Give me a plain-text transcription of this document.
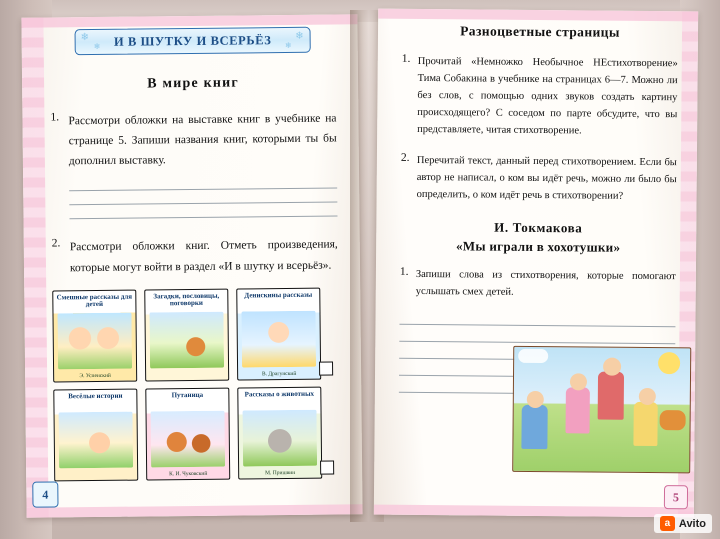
❄
❄ И В ШУТКУ И ВСЕРЬЁЗ ❄
❄
В мире книг
1. Рассмотри обложки на выставке книг в учебнике на странице 5. Запиши названия книг, которыми ты бы дополнил выставку.
2. Рассмотри обложки книг. Отметь произведения, которые могут войти в раздел «И в шутку и всерьёз».
Смешные рассказы для детей
Э. Успенский
Загадки, пословицы, поговорки
Денискины рассказы
В. Драгунский
Весёлые истории	Путаница
К. И. Чуковский
Рассказы о животных
М. Пришвин
4
Разноцветные страницы
1. Прочитай «Немножко Необычное НЕстихотворение» Тима Собакина в учебнике на страницах 6—7. Можно ли без слов, с помощью одних звуков создать картину происходящего? С соседом по парте обсудите, что вы представляете, читая стихотворение.
2. Перечитай текст, данный перед стихотворением. Если бы автор не написал, о ком вы идёт речь, можно ли было бы определить, о ком идёт речь в стихотворении?
И. Токмакова
«Мы играли в хохотушки»
1. Запиши слова из стихотворения, которые помогают услышать смех детей.
5
a Avito
